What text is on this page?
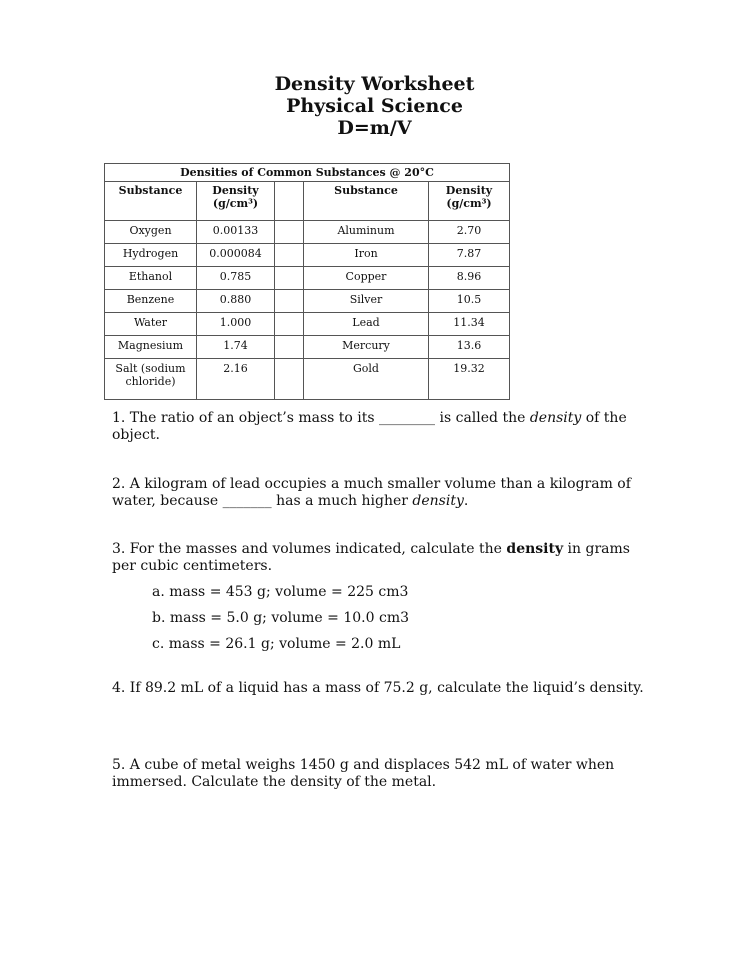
Density Worksheet
Physical Science
D=m/V
Densities of Common Substances @ 20°C				
Substance	Density (g/cm³)		Substance	Density (g/cm³)
Oxygen	0.00133		Aluminum	2.70
Hydrogen	0.000084		Iron	7.87
Ethanol	0.785		Copper	8.96
Benzene	0.880		Silver	10.5
Water	1.000		Lead	11.34
Magnesium	1.74		Mercury	13.6
Salt (sodium chloride)	2.16		Gold	19.32
1. The ratio of an object’s mass to its ________ is called the density of the object.
2. A kilogram of lead occupies a much smaller volume than a kilogram of water, because _______ has a much higher density.
3. For the masses and volumes indicated, calculate the density in grams per cubic centimeters.
a. mass = 453 g; volume = 225 cm3
b. mass = 5.0 g; volume = 10.0 cm3
c. mass = 26.1 g; volume = 2.0 mL
4. If 89.2 mL of a liquid has a mass of 75.2 g, calculate the liquid’s density.
5. A cube of metal weighs 1450 g and displaces 542 mL of water when immersed. Calculate the density of the metal.
